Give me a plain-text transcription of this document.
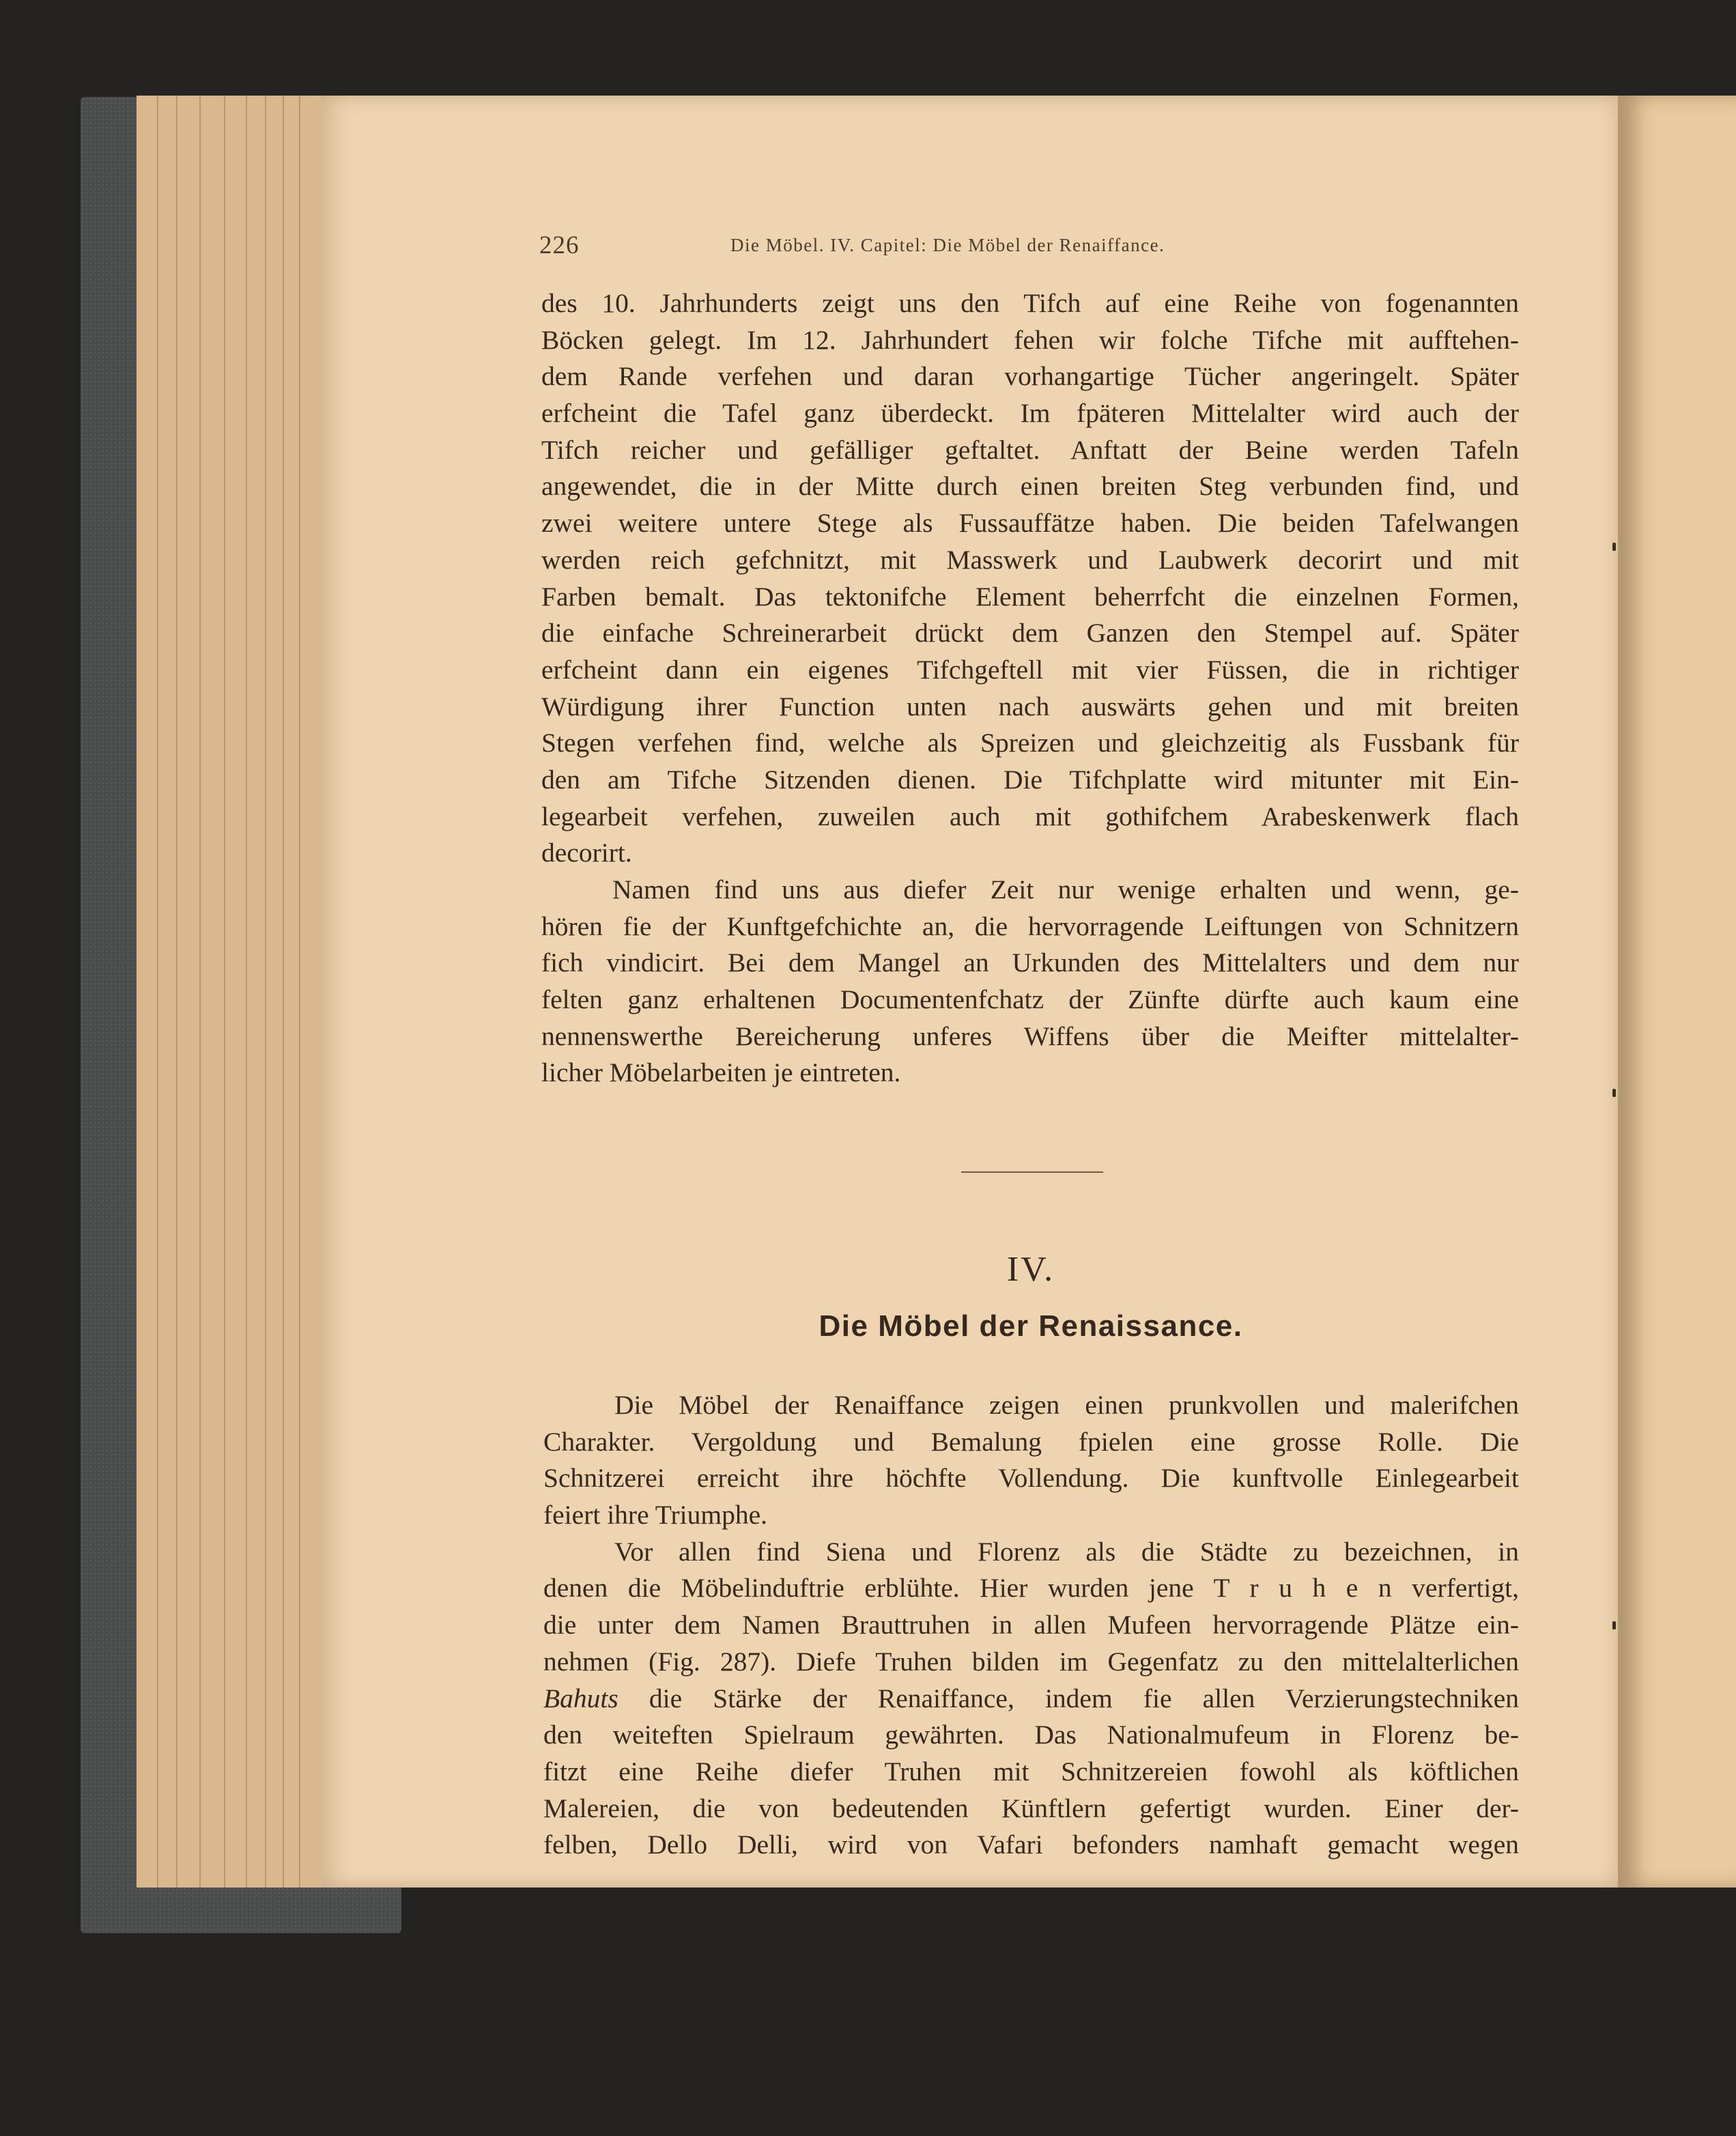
226	Die Möbel. IV. Capitel: Die Möbel der Renaiffance.
des 10. Jahrhunderts zeigt uns den Tifch auf eine Reihe von fogenannten
Böcken gelegt. Im 12. Jahrhundert fehen wir folche Tifche mit aufftehen-
dem Rande verfehen und daran vorhangartige Tücher angeringelt. Später
erfcheint die Tafel ganz überdeckt. Im fpäteren Mittelalter wird auch der
Tifch reicher und gefälliger geftaltet. Anftatt der Beine werden Tafeln
angewendet, die in der Mitte durch einen breiten Steg verbunden find, und
zwei weitere untere Stege als Fussauffätze haben. Die beiden Tafelwangen
werden reich gefchnitzt, mit Masswerk und Laubwerk decorirt und mit
Farben bemalt. Das tektonifche Element beherrfcht die einzelnen Formen,
die einfache Schreinerarbeit drückt dem Ganzen den Stempel auf. Später
erfcheint dann ein eigenes Tifchgeftell mit vier Füssen, die in richtiger
Würdigung ihrer Function unten nach auswärts gehen und mit breiten
Stegen verfehen find, welche als Spreizen und gleichzeitig als Fussbank für
den am Tifche Sitzenden dienen. Die Tifchplatte wird mitunter mit Ein-
legearbeit verfehen, zuweilen auch mit gothifchem Arabeskenwerk flach
decorirt.
Namen find uns aus diefer Zeit nur wenige erhalten und wenn, ge-
hören fie der Kunftgefchichte an, die hervorragende Leiftungen von Schnitzern
fich vindicirt. Bei dem Mangel an Urkunden des Mittelalters und dem nur
felten ganz erhaltenen Documentenfchatz der Zünfte dürfte auch kaum eine
nennenswerthe Bereicherung unferes Wiffens über die Meifter mittelalter-
licher Möbelarbeiten je eintreten.
IV.
Die Möbel der Renaissance.
Die Möbel der Renaiffance zeigen einen prunkvollen und malerifchen
Charakter. Vergoldung und Bemalung fpielen eine grosse Rolle. Die
Schnitzerei erreicht ihre höchfte Vollendung. Die kunftvolle Einlegearbeit
feiert ihre Triumphe.
Vor allen find Siena und Florenz als die Städte zu bezeichnen, in
denen die Möbelinduftrie erblühte. Hier wurden jene T r u h e n verfertigt,
die unter dem Namen Brauttruhen in allen Mufeen hervorragende Plätze ein-
nehmen (Fig. 287). Diefe Truhen bilden im Gegenfatz zu den mittelalterlichen
Bahuts die Stärke der Renaiffance, indem fie allen Verzierungstechniken
den weiteften Spielraum gewährten. Das Nationalmufeum in Florenz be-
fitzt eine Reihe diefer Truhen mit Schnitzereien fowohl als köftlichen
Malereien, die von bedeutenden Künftlern gefertigt wurden. Einer der-
felben, Dello Delli, wird von Vafari befonders namhaft gemacht wegen
